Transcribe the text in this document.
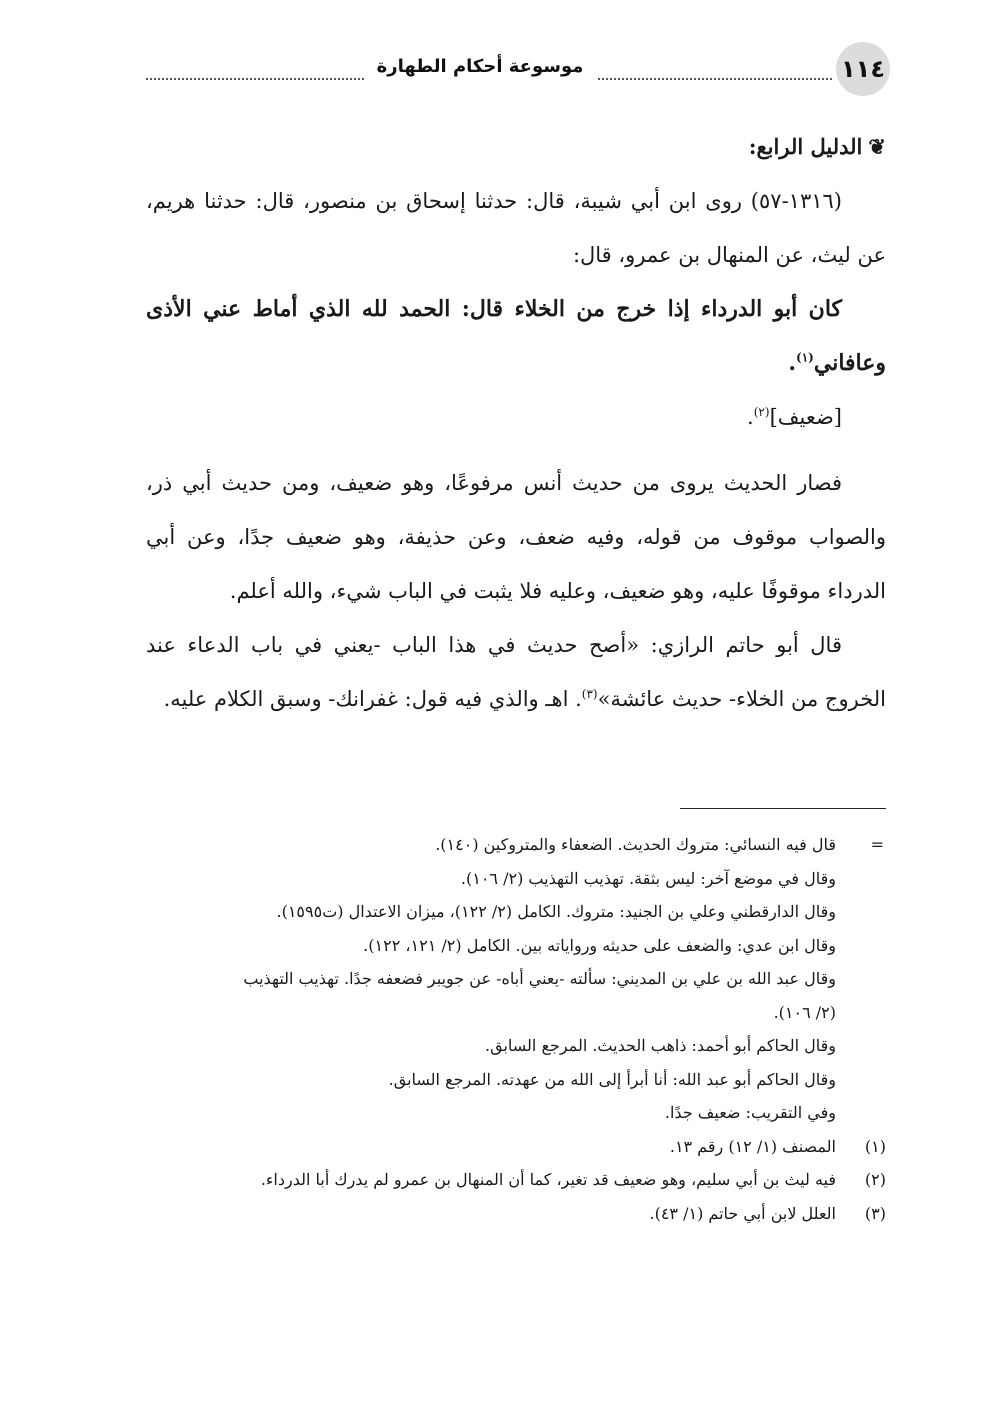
موسوعة أحكام الطهارة	١١٤

❦الدليل الرابع:

(١٣١٦-٥٧) روى ابن أبي شيبة، قال: حدثنا إسحاق بن منصور، قال: حدثنا هريم، عن ليث، عن المنهال بن عمرو، قال:

كان أبو الدرداء إذا خرج من الخلاء قال: الحمد لله الذي أماط عني الأذى وعافاني$^{(١)}$.

[ضعيف]$^{(٢)}$.

فصار الحديث يروى من حديث أنس مرفوعًا، وهو ضعيف، ومن حديث أبي ذر، والصواب موقوف من قوله، وفيه ضعف، وعن حذيفة، وهو ضعيف جدًا، وعن أبي الدرداء موقوفًا عليه، وهو ضعيف، وعليه فلا يثبت في الباب شيء، والله أعلم.

قال أبو حاتم الرازي: «أصح حديث في هذا الباب -يعني في باب الدعاء عند الخروج من الخلاء- حديث عائشة»$^{(٣)}$. اهـ والذي فيه قول: غفرانك- وسبق الكلام عليه.

=
قال فيه النسائي: متروك الحديث. الضعفاء والمتروكين (١٤٠).
وقال في موضع آخر: ليس بثقة. تهذيب التهذيب (٢/ ١٠٦).
وقال الدارقطني وعلي بن الجنيد: متروك. الكامل (٢/ ١٢٢)، ميزان الاعتدال (ت١٥٩٥).
وقال ابن عدي: والضعف على حديثه ورواياته بين. الكامل (٢/ ١٢١، ١٢٢).
وقال عبد الله بن علي بن المديني: سألته -يعني أباه- عن جويبر فضعفه جدًا. تهذيب التهذيب
(٢/ ١٠٦).
وقال الحاكم أبو أحمد: ذاهب الحديث. المرجع السابق.
وقال الحاكم أبو عبد الله: أنا أبرأ إلى الله من عهدته. المرجع السابق.
وفي التقريب: ضعيف جدًا.
(١)
المصنف (١/ ١٢) رقم ١٣.
(٢)
فيه ليث بن أبي سليم، وهو ضعيف قد تغير، كما أن المنهال بن عمرو لم يدرك أبا الدرداء.
(٣)
العلل لابن أبي حاتم (١/ ٤٣).
